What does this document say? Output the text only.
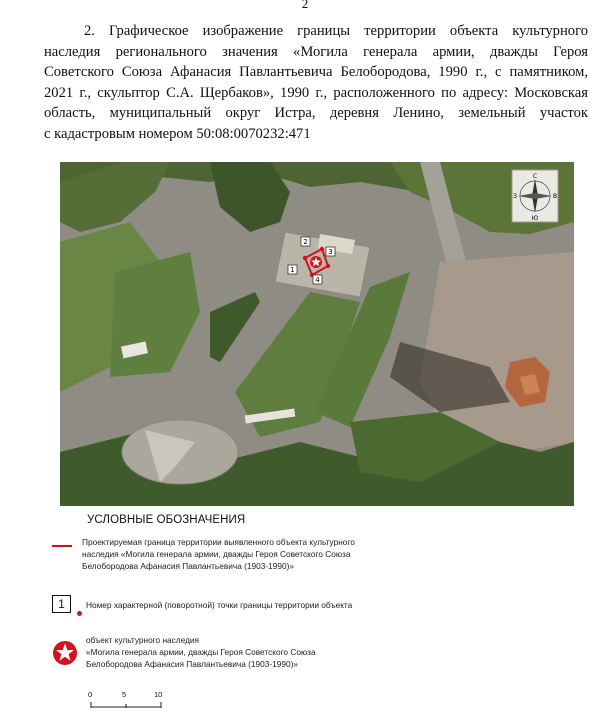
2
2. Графическое изображение границы территории объекта культурного
наследия регионального значения «Могила генерала армии, дважды Героя
Советского Союза Афанасия Павлантьевича Белобородова, 1990 г., с памятником,
2021 г., скульптор С.А. Щербаков», 1990 г., расположенного по адресу: Московская
область, муниципальный округ Истра, деревня Ленино, земельный участок
с кадастровым номером 50:08:0070232:471
С
Ю
З	В
1
2
3
4
УСЛОВНЫЕ ОБОЗНАЧЕНИЯ
Проектируемая граница территории выявленного объекта культурного
наследия «Могила генерала армии, дважды Героя Советского Союза
Белобородова Афанасия Павлантьевича (1903-1990)»
1	Номер характерной (поворотной) точки границы территории объекта
объект культурного наследия
«Могила генерала армии, дважды Героя Советского Союза
Белобородова Афанасия Павлантьевича (1903-1990)»
0	5	10
